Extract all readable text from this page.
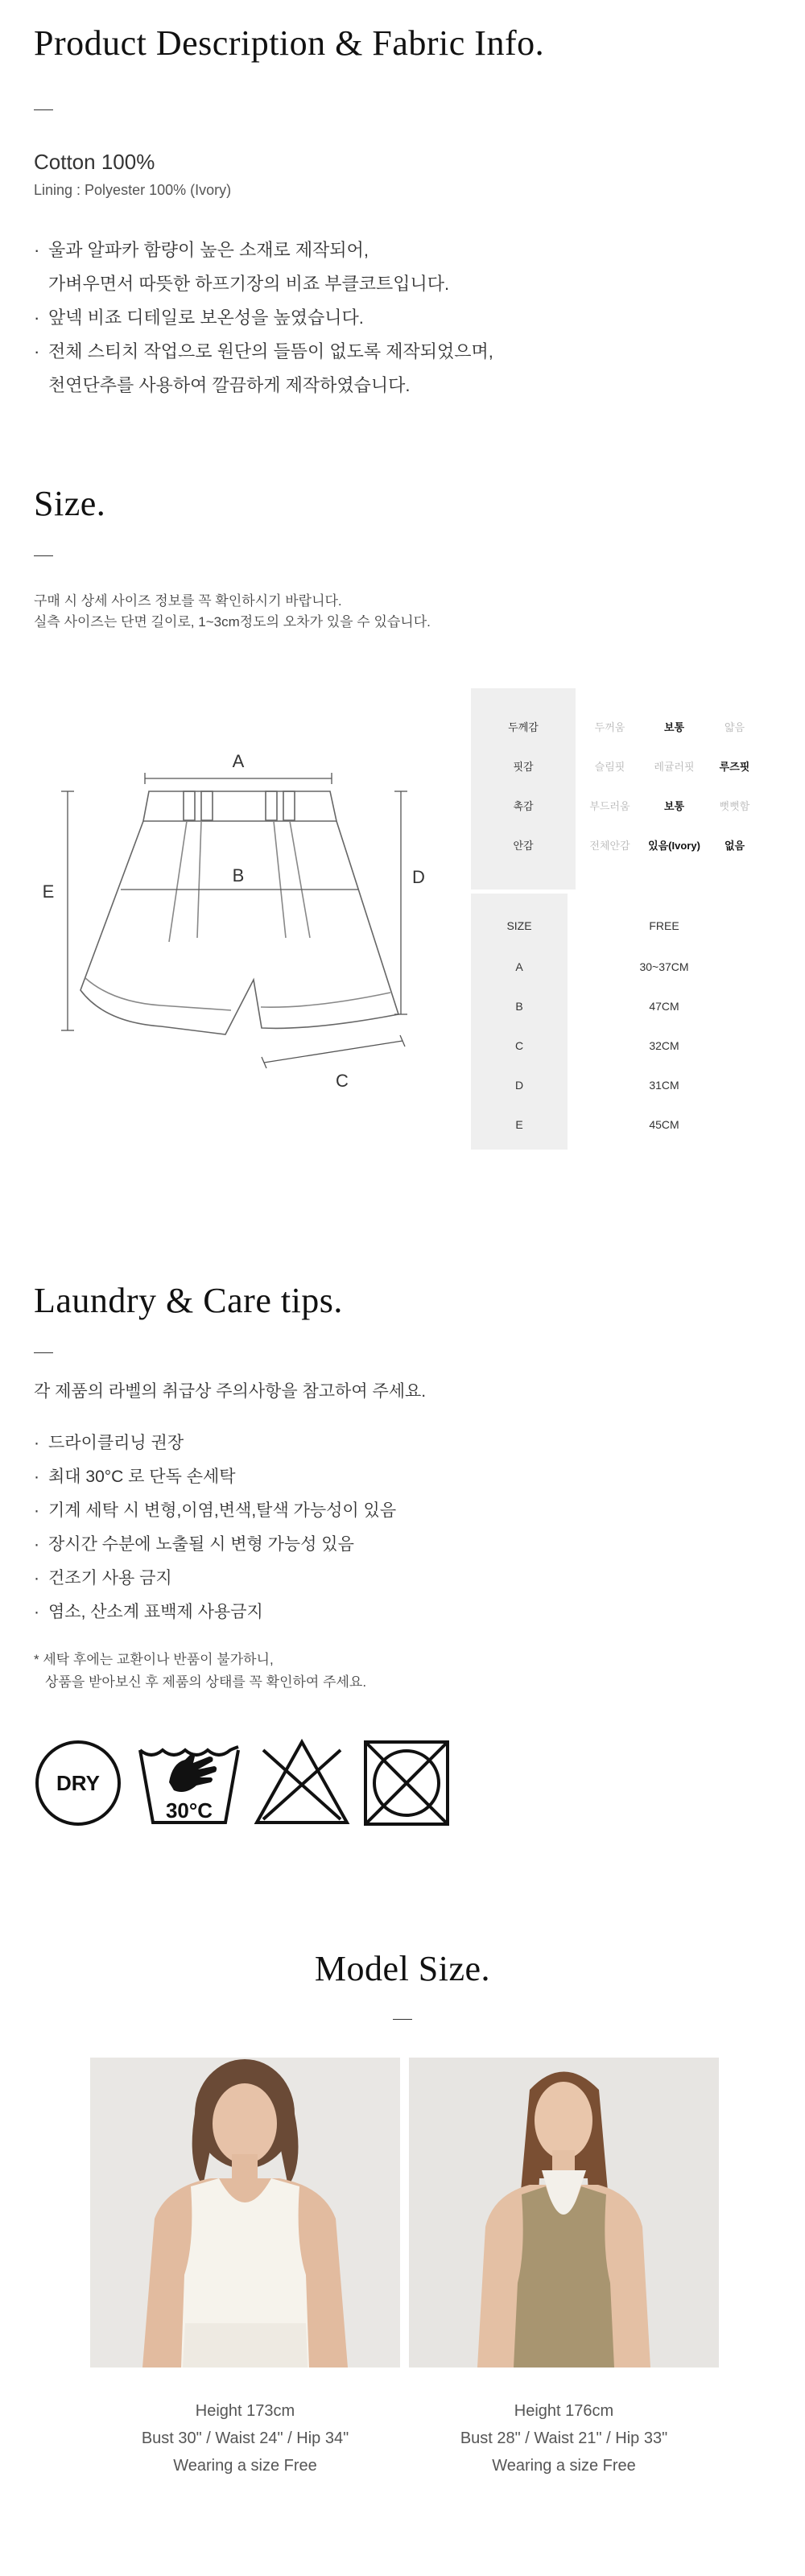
Product Description & Fabric Info.
Cotton 100%
Lining : Polyester 100% (Ivory)
· 울과 알파카 함량이 높은 소재로 제작되어,
가벼우면서 따뜻한 하프기장의 비죠 부클코트입니다.
· 앞넥 비죠 디테일로 보온성을 높였습니다.
· 전체 스티치 작업으로 원단의 들뜸이 없도록 제작되었으며,
천연단추를 사용하여 깔끔하게 제작하였습니다.
Size.
구매 시 상세 사이즈 정보를 꼭 확인하시기 바랍니다.
실측 사이즈는 단면 길이로, 1~3cm정도의 오차가 있을 수 있습니다.
A
B
C
D
E
두께감	두꺼움	보통	얇음
핏감	슬림핏	레귤러핏	루즈핏
촉감	부드러움	보통	뻣뻣함
안감	전체안감	있음(Ivory)	없음
SIZE	FREE
A	30~37CM
B	47CM
C	32CM
D	31CM
E	45CM
Laundry & Care tips.
각 제품의 라벨의 취급상 주의사항을 참고하여 주세요.
· 드라이클리닝 권장
· 최대 30°C 로 단독 손세탁
· 기계 세탁 시 변형,이염,변색,탈색 가능성이 있음
· 장시간 수분에 노출될 시 변형 가능성 있음
· 건조기 사용 금지
· 염소, 산소계 표백제 사용금지
* 세탁 후에는 교환이나 반품이 불가하니,
상품을 받아보신 후 제품의 상태를 꼭 확인하여 주세요.
DRY
30°C
Model Size.
Height 173cm
Bust 30" / Waist 24" / Hip 34"
Wearing a size Free
Height 176cm
Bust 28" / Waist 21" / Hip 33"
Wearing a size Free
